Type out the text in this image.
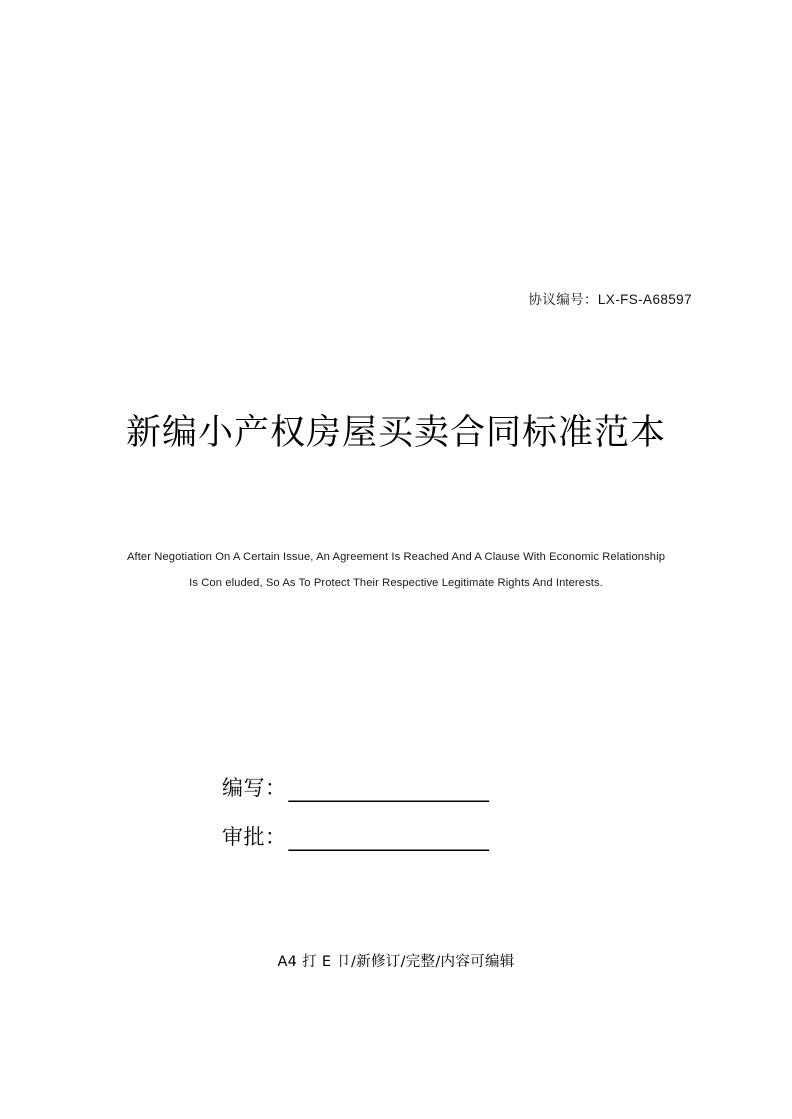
协议编号：LX-FS-A68597
新编小产权房屋买卖合同标准范本
After Negotiation On A Certain Issue, An Agreement Is Reached And A Clause With Economic Relationship
Is Con eluded, So As To Protect Their Respective Legitimate Rights And Interests.
编写： ____________________
审批： ____________________
A4 打 E 卩/新修订/完整/内容可编辑
